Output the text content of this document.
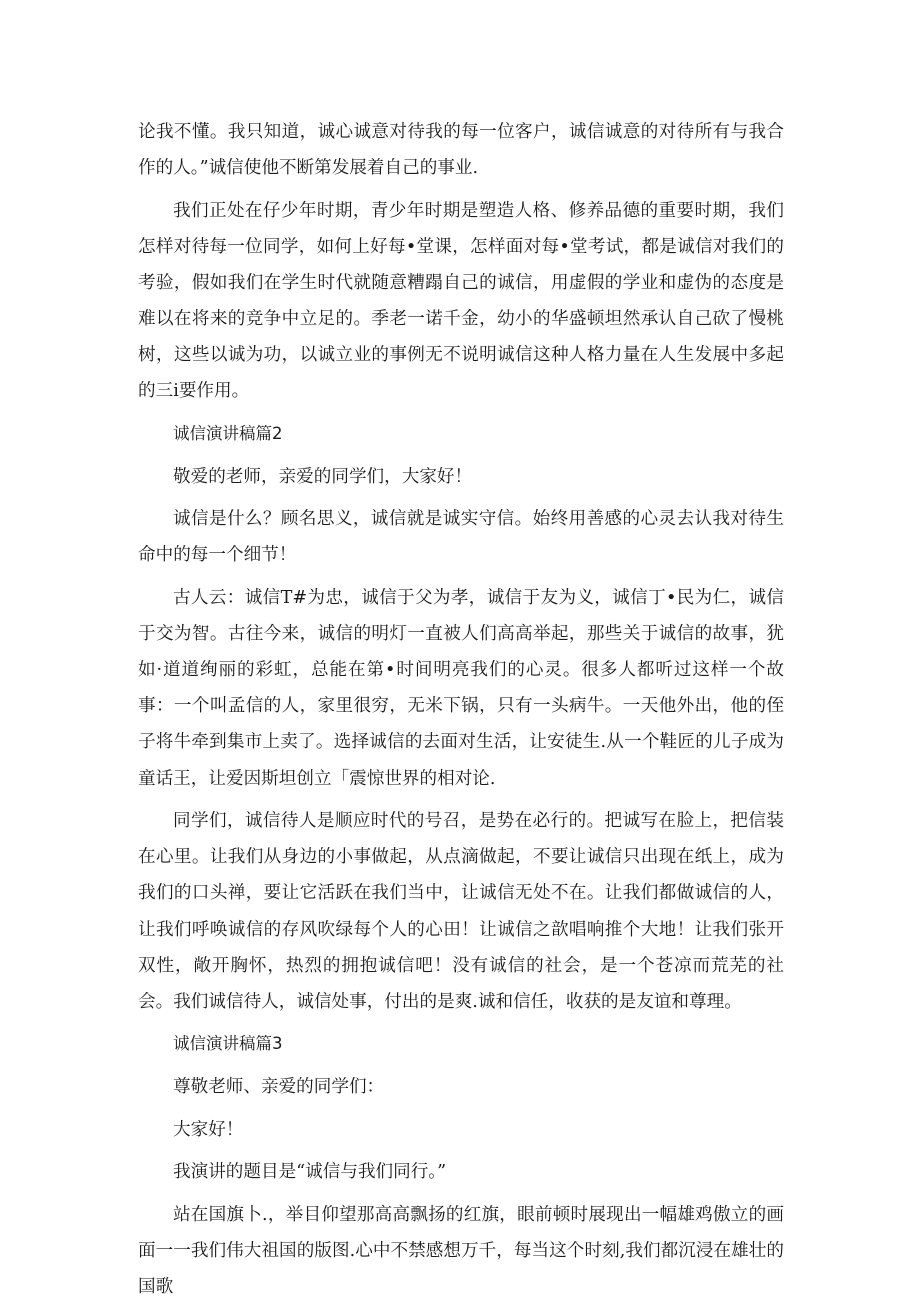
论我不懂。我只知道，诚心诚意对待我的每一位客户，诚信诚意的对待所有与我合作的人。”诚信使他不断第发展着自己的事业.

我们正处在仔少年时期，青少年时期是塑造人格、修养品德的重要时期，我们怎样对待每一位同学，如何上好每•堂课，怎样面对每•堂考试，都是诚信对我们的考验，假如我们在学生时代就随意糟蹋自己的诚信，用虚假的学业和虚伪的态度是难以在将来的竞争中立足的。季老一诺千金，幼小的华盛顿坦然承认自己砍了慢桃树，这些以诚为功，以诚立业的事例无不说明诚信这种人格力量在人生发展中多起的三i要作用。

诚信演讲稿篇2

敬爱的老师，亲爱的同学们，大家好！

诚信是什么？顾名思义，诚信就是诚实守信。始终用善感的心灵去认我对待生命中的每一个细节！

古人云：诚信T#为忠，诚信于父为孝，诚信于友为义，诚信丁•民为仁，诚信于交为智。古往今来，诚信的明灯一直被人们高高举起，那些关于诚信的故事，犹如·道道绚丽的彩虹，总能在第•时间明亮我们的心灵。很多人都听过这样一个故事：一个叫孟信的人，家里很穷，无米下锅，只有一头病牛。一天他外出，他的侄子将牛牵到集市上卖了。选择诚信的去面对生活，让安徒生.从一个鞋匠的儿子成为童话王，让爱因斯坦创立「震惊世界的相对论.

同学们，诚信待人是顺应时代的号召，是势在必行的。把诚写在脸上，把信装在心里。让我们从身边的小事做起，从点滴做起，不要让诚信只出现在纸上，成为我们的口头禅，要让它活跃在我们当中，让诚信无处不在。让我们都做诚信的人，让我们呼唤诚信的存风吹绿每个人的心田！让诚信之歆唱响推个大地！让我们张开双性，敞开胸怀，热烈的拥抱诚信吧！没有诚信的社会，是一个苍凉而荒芜的社会。我们诚信待人，诚信处事，付出的是爽.诚和信任，收获的是友谊和尊理。

诚信演讲稿篇3

尊敬老师、亲爱的同学们：

大家好！

我演讲的题目是“诚信与我们同行。”

站在国旗卜.，举目仰望那高高飘扬的红旗，眼前顿时展现出一幅雄鸡傲立的画面一一我们伟大祖国的版图.心中不禁感想万千，每当这个时刻,我们都沉浸在雄壮的国歌
